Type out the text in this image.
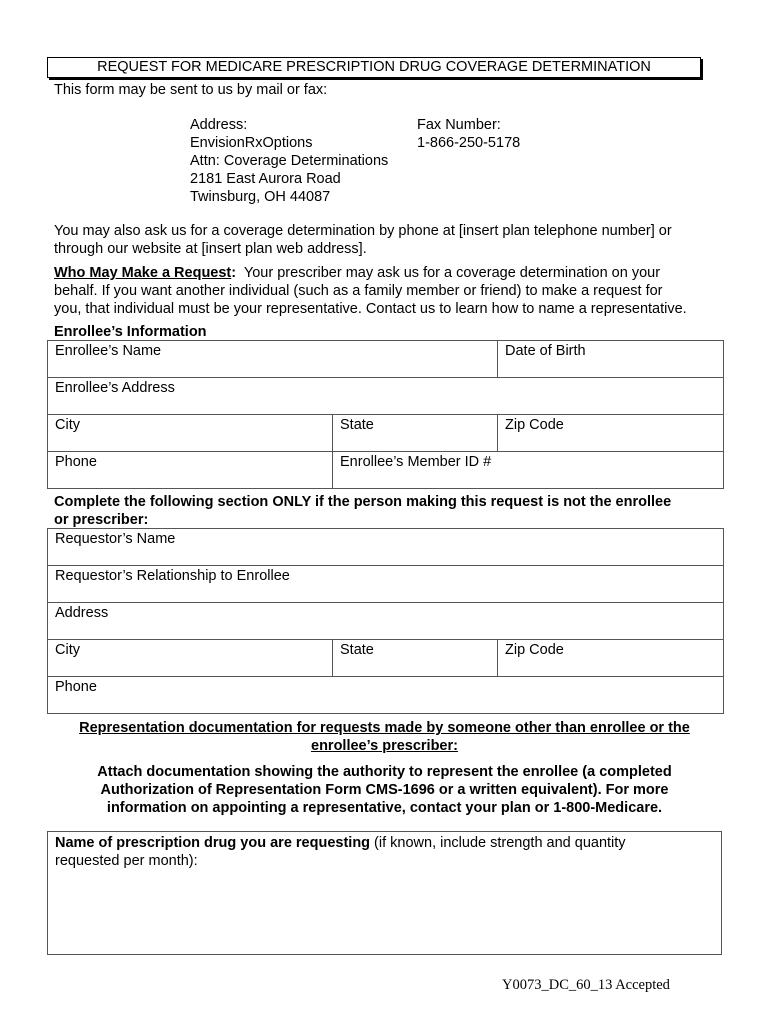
REQUEST FOR MEDICARE PRESCRIPTION DRUG COVERAGE DETERMINATION
This form may be sent to us by mail or fax:
Address:
EnvisionRxOptions
Attn: Coverage Determinations
2181 East Aurora Road
Twinsburg, OH 44087
Fax Number:
1-866-250-5178
You may also ask us for a coverage determination by phone at [insert plan telephone number] or
through our website at [insert plan web address].
Who May Make a Request:  Your prescriber may ask us for a coverage determination on your
behalf. If you want another individual (such as a family member or friend) to make a request for
you, that individual must be your representative. Contact us to learn how to name a representative.
Enrollee’s Information
Enrollee’s Name		Date of Birth
Enrollee’s Address		
City	State	Zip Code
Phone	Enrollee’s Member ID #	
Complete the following section ONLY if the person making this request is not the enrollee
or prescriber:
Requestor’s Name
Requestor’s Relationship to Enrollee
Address
City	State	Zip Code
Phone
Representation documentation for requests made by someone other than enrollee or the
enrollee’s prescriber:
Attach documentation showing the authority to represent the enrollee (a completed
Authorization of Representation Form CMS-1696 or a written equivalent). For more
information on appointing a representative, contact your plan or 1-800-Medicare.
Name of prescription drug you are requesting (if known, include strength and quantity
requested per month):
Y0073_DC_60_13 Accepted
